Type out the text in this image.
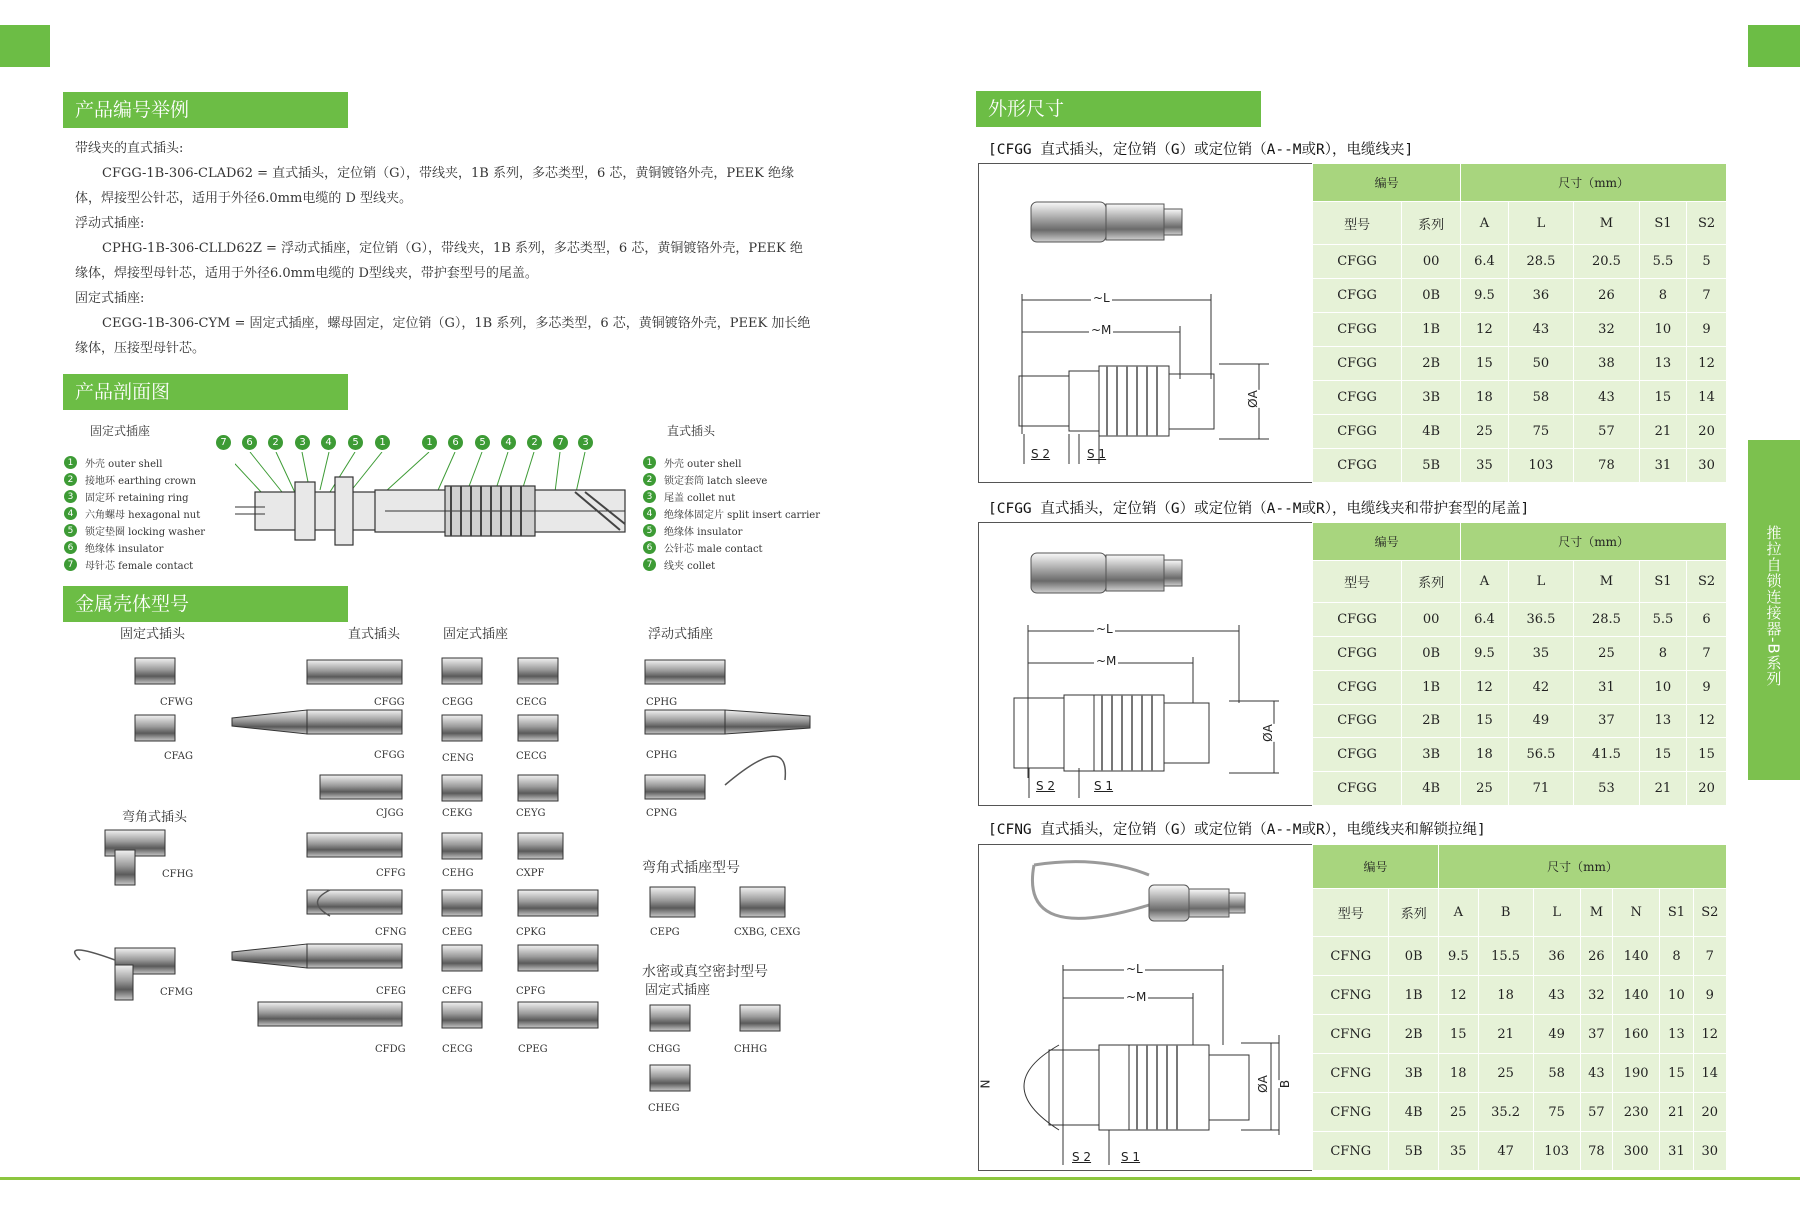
产品编号举例

带线夹的直式插头:

CFGG-1B-306-CLAD62 = 直式插头，定位销（G），带线夹，1B 系列，多芯类型，6 芯，黄铜镀铬外壳，PEEK 绝缘体，焊接型公针芯，适用于外径6.0mm电缆的 D 型线夹。

浮动式插座:

CPHG-1B-306-CLLD62Z = 浮动式插座，定位销（G），带线夹，1B 系列，多芯类型，6 芯，黄铜镀铬外壳，PEEK 绝缘体，焊接型母针芯，适用于外径6.0mm电缆的 D型线夹，带护套型号的尾盖。

固定式插座:

CEGG-1B-306-CYM = 固定式插座，螺母固定，定位销（G），1B 系列，多芯类型，6 芯，黄铜镀铬外壳，PEEK 加长绝缘体，压接型母针芯。

产品剖面图
固定式插座	直式插头
1	外壳 outer shell
2	接地环 earthing crown
3	固定环 retaining ring
4	六角螺母 hexagonal nut
5	锁定垫圈 locking washer
6	绝缘体 insulator
7	母针芯 female contact
1	外壳 outer shell
2	锁定套筒 latch sleeve
3	尾盖 collet nut
4	绝缘体固定片 split insert carrier
5	绝缘体 insulator
6	公针芯 male contact
7	线夹 collet
7	6	2	3	4	5	1	1	6	5	4	2	7	3
金属壳体型号
固定式插头	直式插头	固定式插座	浮动式插座
弯角式插头
弯角式插座型号
水密或真空密封型号
固定式插座
CFWG
CFAG
CFHG
CFMG
CFGG
CFGG
CJGG
CFFG
CFNG
CFEG
CFDG
CEGG	CECG
CENG	CECG
CEKG	CEYG
CEHG	CXPF
CEEG	CPKG
CEFG	CPFG
CECG	CPEG
CPHG
CPHG
CPNG
CEPG	CXBG, CEXG
CHGG	CHHG
CHEG
外形尺寸
推拉自锁连接器-B系列
[CFGG 直式插头，定位销（G）或定位销（A--M或R），电缆线夹]
~L
~M
ØA
S 2	S 1
编号		尺寸（mm）				
型号	系列	A	L	M	S1	S2
CFGG	00	6.4	28.5	20.5	5.5	5
CFGG	0B	9.5	36	26	8	7
CFGG	1B	12	43	32	10	9
CFGG	2B	15	50	38	13	12
CFGG	3B	18	58	43	15	14
CFGG	4B	25	75	57	21	20
CFGG	5B	35	103	78	31	30
[CFGG 直式插头，定位销（G）或定位销（A--M或R），电缆线夹和带护套型的尾盖]
~L
~M
ØA
S 2	S 1
编号		尺寸（mm）				
型号	系列	A	L	M	S1	S2
CFGG	00	6.4	36.5	28.5	5.5	6
CFGG	0B	9.5	35	25	8	7
CFGG	1B	12	42	31	10	9
CFGG	2B	15	49	37	13	12
CFGG	3B	18	56.5	41.5	15	15
CFGG	4B	25	71	53	21	20
[CFNG 直式插头，定位销（G）或定位销（A--M或R），电缆线夹和解锁拉绳]
~L
~M
ØA B
N
S 2 S 1
编号		尺寸（mm）						
型号	系列	A	B	L	M	N	S1	S2
CFNG	0B	9.5	15.5	36	26	140	8	7
CFNG	1B	12	18	43	32	140	10	9
CFNG	2B	15	21	49	37	160	13	12
CFNG	3B	18	25	58	43	190	15	14
CFNG	4B	25	35.2	75	57	230	21	20
CFNG	5B	35	47	103	78	300	31	30
